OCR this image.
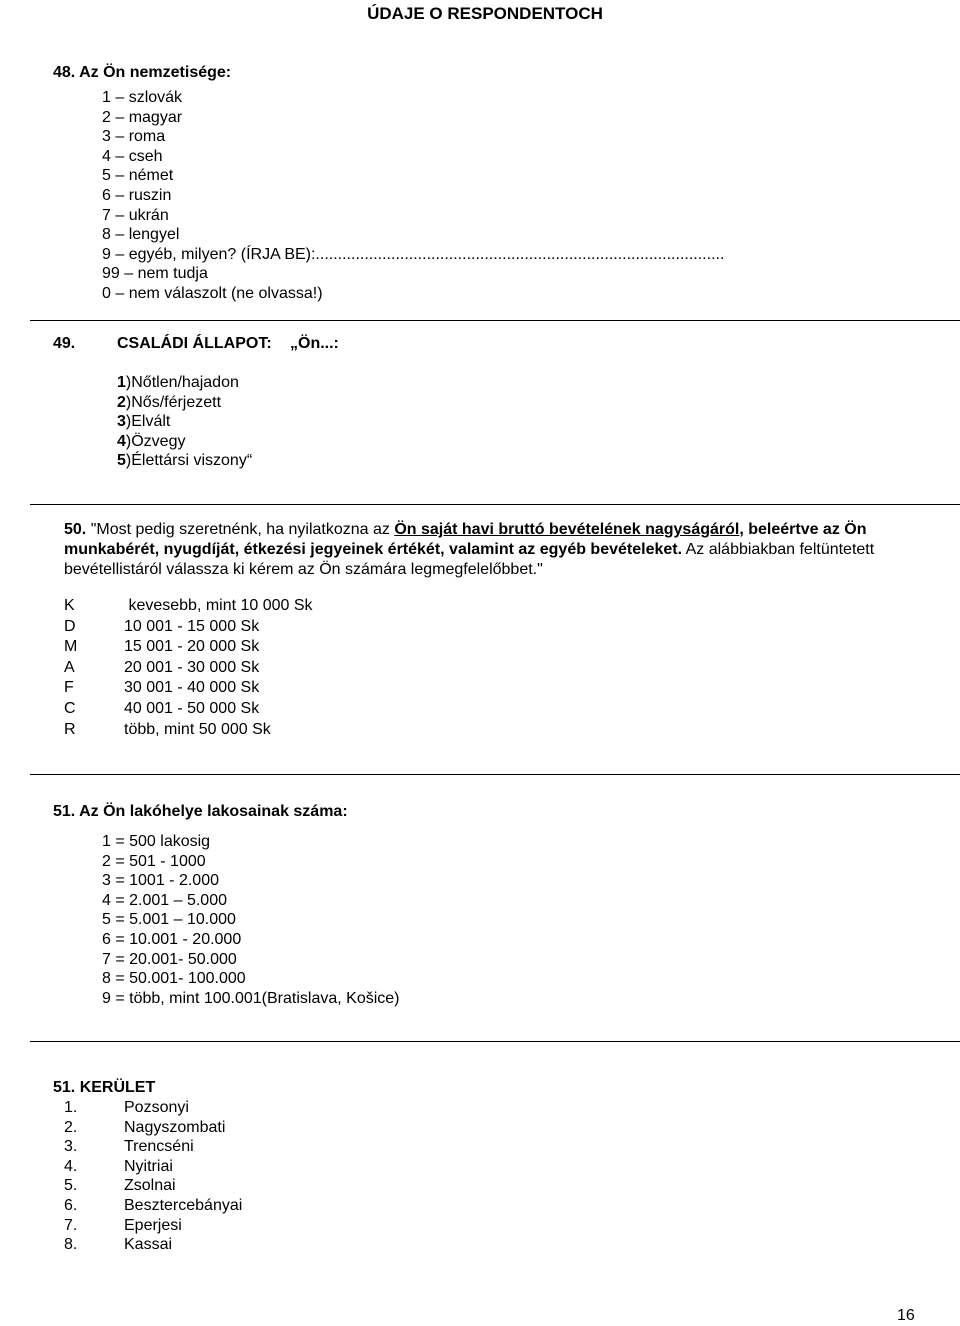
ÚDAJE O RESPONDENTOCH
48. Az Ön nemzetisége:
1 – szlovák
2 – magyar
3 – roma
4 – cseh
5 – német
6 – ruszin
7 – ukrán
8 – lengyel
9 – egyéb, milyen? (ÍRJA BE):............................................................................................
99 – nem tudja
0 – nem válaszolt (ne olvassa!)
49.	CSALÁDI ÁLLAPOT: „Ön...:
1)Nőtlen/hajadon
2)Nős/férjezett
3)Elvált
4)Özvegy
5)Élettársi viszony“
50. "Most pedig szeretnénk, ha nyilatkozna az Ön saját havi bruttó bevételének nagyságáról, beleértve az Ön munkabérét, nyugdíját, étkezési jegyeinek értékét, valamint az egyéb bevételeket. Az alábbiakban feltüntetett bevétellistáról válassza ki kérem az Ön számára legmegfelelőbbet."
K	kevesebb, mint 10 000 Sk
D	10 001 - 15 000 Sk
M	15 001 - 20 000 Sk
A	20 001 - 30 000 Sk
F	30 001 - 40 000 Sk
C	40 001 - 50 000 Sk
R	több, mint 50 000 Sk
51. Az Ön lakóhelye lakosainak száma:
1 = 500 lakosig
2 = 501 - 1000
3 = 1001 - 2.000
4 = 2.001 – 5.000
5 = 5.001 – 10.000
6 = 10.001 - 20.000
7 = 20.001- 50.000
8 = 50.001- 100.000
9 = több, mint 100.001(Bratislava, Košice)
51. KERÜLET
1.	Pozsonyi
2.	Nagyszombati
3.	Trencséni
4.	Nyitriai
5.	Zsolnai
6.	Besztercebányai
7.	Eperjesi
8.	Kassai
16
